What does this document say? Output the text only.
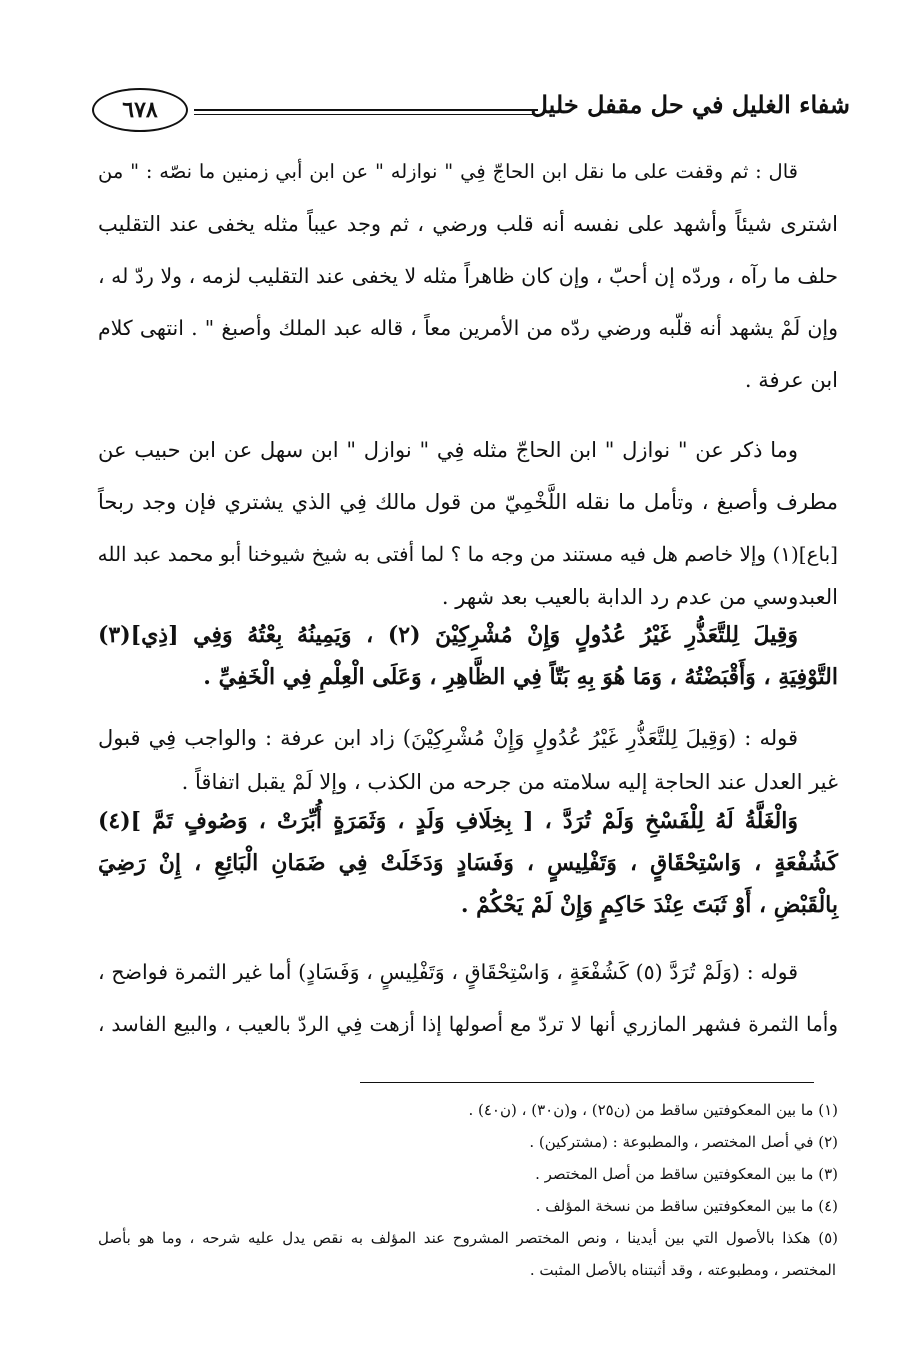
٦٧٨	شفاء الغليل في حل مقفل خليل
قال : ثم وقفت على ما نقل ابن الحاجّ فِي " نوازله " عن ابن أبي زمنين ما نصّه : " من
اشترى شيئاً وأشهد على نفسه أنه قلب ورضي ، ثم وجد عيباً مثله يخفى عند التقليب
حلف ما رآه ، وردّه إن أحبّ ، وإن كان ظاهراً مثله لا يخفى عند التقليب لزمه ، ولا ردّ له ،
وإن لَمْ يشهد أنه قلّبه ورضي ردّه من الأمرين معاً ، قاله عبد الملك وأصبغ " . انتهى كلام
ابن عرفة .
وما ذكر عن " نوازل " ابن الحاجّ مثله فِي " نوازل " ابن سهل عن ابن حبيب عن
مطرف وأصبغ ، وتأمل ما نقله اللَّخْمِيّ من قول مالك فِي الذي يشتري فإن وجد ربحاً
[باع](١) وإلا خاصم هل فيه مستند من وجه ما ؟ لما أفتى به شيخ شيوخنا أبو محمد عبد الله
العبدوسي من عدم رد الدابة بالعيب بعد شهر .
وَقِيلَ لِلتَّعَذُّرِ غَيْرُ عُدُولٍ وَإِنْ مُشْرِكِيْنَ (٢) ، وَيَمِينُهُ بِعْتُهُ وَفِي [ذِي](٣)
التَّوْفِيَةِ ، وَأَقْبَضْتُهُ ، وَمَا هُوَ بِهِ بَتّاً فِي الظَّاهِرِ ، وَعَلَى الْعِلْمِ فِي الْخَفِيِّ .
قوله : (وَقِيلَ لِلتَّعَذُّرِ غَيْرُ عُدُولٍ وَإِنْ مُشْرِكِيْنَ) زاد ابن عرفة : والواجب فِي قبول
غير العدل عند الحاجة إليه سلامته من جرحه من الكذب ، وإلا لَمْ يقبل اتفاقاً .
وَالْغَلَّةُ لَهُ لِلْفَسْخِ وَلَمْ تُرَدَّ ، [ بِخِلَافِ وَلَدٍ ، وَثَمَرَةٍ أُبِّرَتْ ، وَصُوفٍ تَمَّ ](٤)
كَشُفْعَةٍ ، وَاسْتِحْقَاقٍ ، وَتَفْلِيسٍ ، وَفَسَادٍ وَدَخَلَتْ فِي ضَمَانِ الْبَائِعِ ، إِنْ رَضِيَ
بِالْقَبْضِ ، أَوْ ثَبَتَ عِنْدَ حَاكِمٍ وَإِنْ لَمْ يَحْكُمْ .
قوله : (وَلَمْ تُرَدَّ (٥) كَشُفْعَةٍ ، وَاسْتِحْقَاقٍ ، وَتَفْلِيسٍ ، وَفَسَادٍ) أما غير الثمرة فواضح ،
وأما الثمرة فشهر المازري أنها لا تردّ مع أصولها إذا أزهت فِي الردّ بالعيب ، والبيع الفاسد ،
(١) ما بين المعكوفتين ساقط من (ن٢٥) ، و(ن٣٠) ، (ن٤٠) .
(٢) في أصل المختصر ، والمطبوعة : (مشتركين) .
(٣) ما بين المعكوفتين ساقط من أصل المختصر .
(٤) ما بين المعكوفتين ساقط من نسخة المؤلف .
(٥) هكذا بالأصول التي بين أيدينا ، ونص المختصر المشروح عند المؤلف به نقص يدل عليه شرحه ، وما هو بأصل
المختصر ، ومطبوعته ، وقد أثبتناه بالأصل المثبت .
